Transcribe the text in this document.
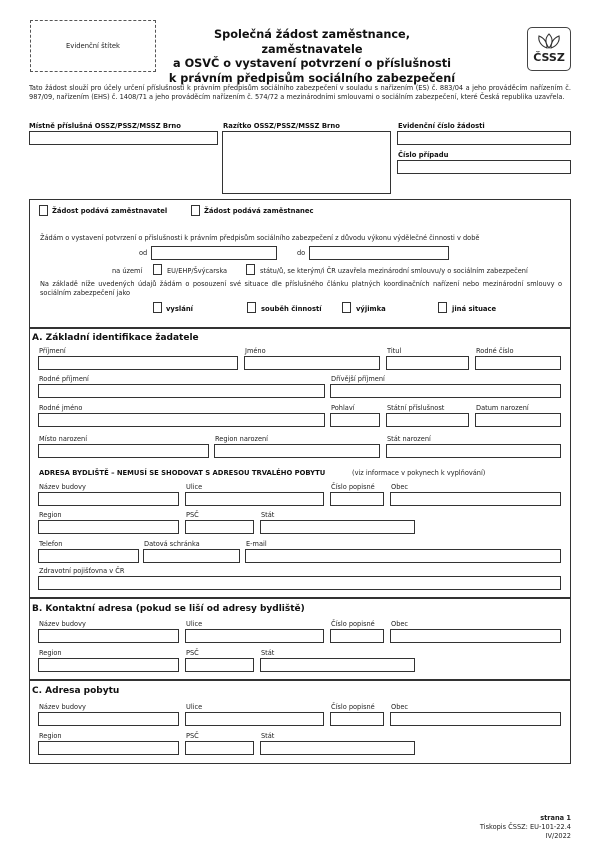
Evidenční štítek
Společná žádost zaměstnance, zaměstnavatele
a OSVČ o vystavení potvrzení o příslušnosti
k právním předpisům sociálního zabezpečení
ČSSZ
Tato žádost slouží pro účely určení příslušnosti k právním předpisům sociálního zabezpečení v souladu s nařízením (ES) č. 883/04 a jeho prováděcím nařízením č. 987/09, nařízením (EHS) č. 1408/71 a jeho prováděcím nařízením č. 574/72 a mezinárodními smlouvami o sociálním zabezpečení, které Česká republika uzavřela.
Místně příslušná OSSZ/PSSZ/MSSZ Brno	Razítko OSSZ/PSSZ/MSSZ Brno	Evidenční číslo žádosti
Číslo případu
Žádost podává zaměstnavatel	Žádost podává zaměstnanec
Žádám o vystavení potvrzení o příslušnosti k právním předpisům sociálního zabezpečení z důvodu výkonu výdělečné činnosti v době
od	do
na území	EU/EHP/Švýcarska	státu/ů, se kterým/i ČR uzavřela mezinárodní smlouvu/y o sociálním zabezpečení
Na základě níže uvedených údajů žádám o posouzení své situace dle příslušného článku platných koordinačních nařízení nebo mezinárodní smlouvy o sociálním zabezpečení jako
vyslání	souběh činností	výjimka	jiná situace
A. Základní identifikace žadatele
Příjmení	Jméno	Titul	Rodné číslo
Rodné příjmení	Dřívější příjmení
Rodné jméno	Pohlaví	Státní příslušnost	Datum narození
Místo narození	Region narození	Stát narození
ADRESA BYDLIŠTĚ – NEMUSÍ SE SHODOVAT S ADRESOU TRVALÉHO POBYTU	(viz informace v pokynech k vyplňování)
Název budovy	Ulice	Číslo popisné Obec
Region	PSČ	Stát
Telefon	Datová schránka	E-mail
Zdravotní pojišťovna v ČR
B. Kontaktní adresa (pokud se liší od adresy bydliště)
Název budovy	Ulice	Číslo popisné Obec
Region	PSČ	Stát
C. Adresa pobytu
Název budovy	Ulice	Číslo popisné Obec
Region	PSČ	Stát
strana 1
Tiskopis ČSSZ: EU-101-22.4
IV/2022
